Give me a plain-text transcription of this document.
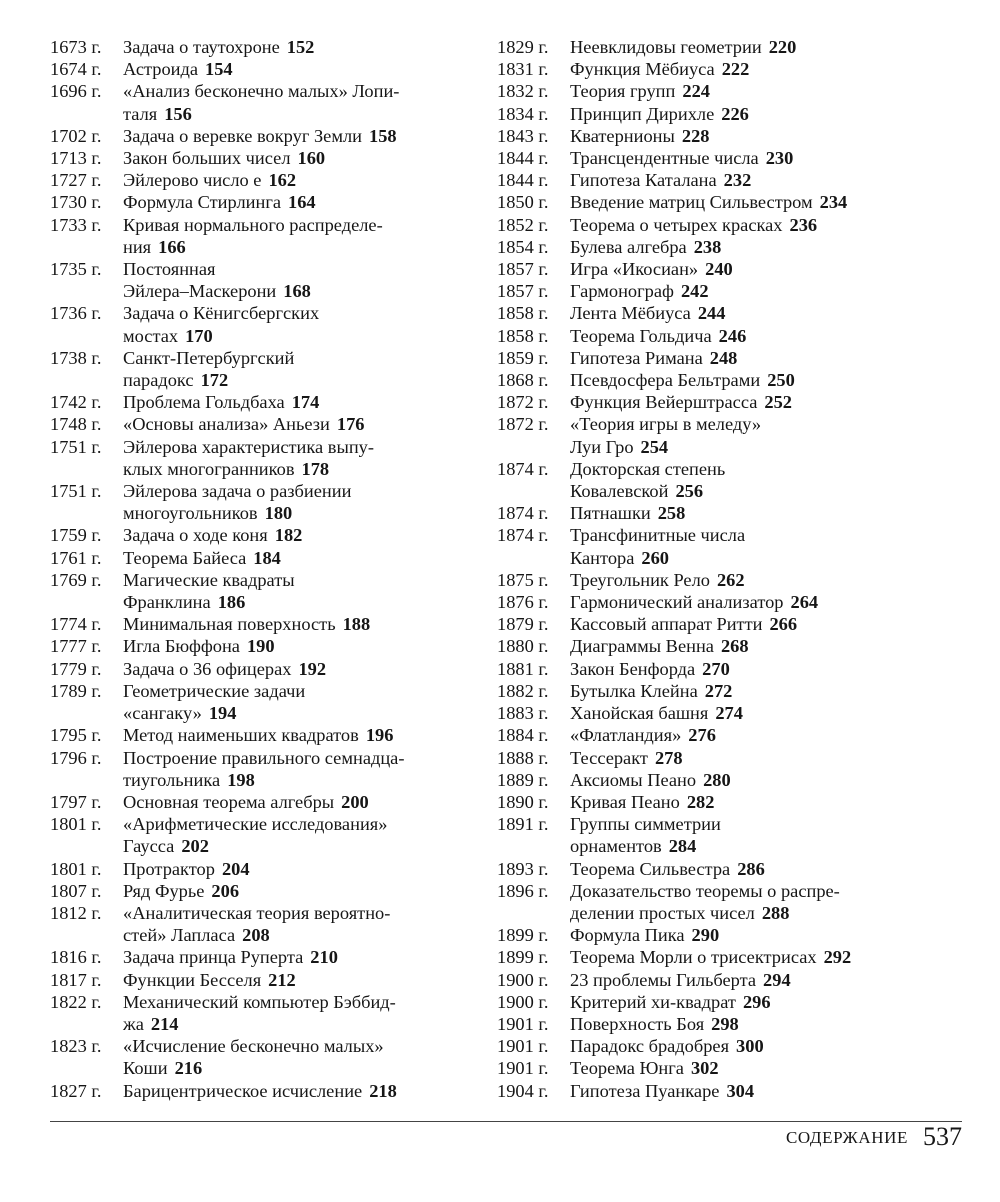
1673 г.	Задача о таутохроне 152
1674 г.	Астроида 154
1696 г.	«Анализ бесконечно малых» Лопи-
таля 156
1702 г.	Задача о веревке вокруг Земли 158
1713 г.	Закон больших чисел 160
1727 г.	Эйлерово число е 162
1730 г.	Формула Стирлинга 164
1733 г.	Кривая нормального распределе-
ния 166
1735 г.	Постоянная
Эйлера–Маскерони 168
1736 г.	Задача о Кёнигсбергских
мостах 170
1738 г.	Санкт-Петербургский
парадокс 172
1742 г.	Проблема Гольдбаха 174
1748 г.	«Основы анализа» Аньези 176
1751 г.	Эйлерова характеристика выпу-
клых многогранников 178
1751 г.	Эйлерова задача о разбиении
многоугольников 180
1759 г.	Задача о ходе коня 182
1761 г.	Теорема Байеса 184
1769 г.	Магические квадраты
Франклина 186
1774 г.	Минимальная поверхность 188
1777 г.	Игла Бюффона 190
1779 г.	Задача о 36 офицерах 192
1789 г.	Геометрические задачи
«сангаку» 194
1795 г.	Метод наименьших квадратов 196
1796 г.	Построение правильного семнадца-
тиугольника 198
1797 г.	Основная теорема алгебры 200
1801 г.	«Арифметические исследования»
Гаусса 202
1801 г.	Протрактор 204
1807 г.	Ряд Фурье 206
1812 г.	«Аналитическая теория вероятно-
стей» Лапласа 208
1816 г.	Задача принца Руперта 210
1817 г.	Функции Бесселя 212
1822 г.	Механический компьютер Бэббид-
жа 214
1823 г.	«Исчисление бесконечно малых»
Коши 216
1827 г.	Барицентрическое исчисление 218
1829 г.	Неевклидовы геометрии 220
1831 г.	Функция Мёбиуса 222
1832 г.	Теория групп 224
1834 г.	Принцип Дирихле 226
1843 г.	Кватернионы 228
1844 г.	Трансцендентные числа 230
1844 г.	Гипотеза Каталана 232
1850 г.	Введение матриц Сильвестром 234
1852 г.	Теорема о четырех красках 236
1854 г.	Булева алгебра 238
1857 г.	Игра «Икосиан» 240
1857 г.	Гармонограф 242
1858 г.	Лента Мёбиуса 244
1858 г.	Теорема Гольдича 246
1859 г.	Гипотеза Римана 248
1868 г.	Псевдосфера Бельтрами 250
1872 г.	Функция Вейерштрасса 252
1872 г.	«Теория игры в меледу»
Луи Гро 254
1874 г.	Докторская степень
Ковалевской 256
1874 г.	Пятнашки 258
1874 г.	Трансфинитные числа
Кантора 260
1875 г.	Треугольник Рело 262
1876 г.	Гармонический анализатор 264
1879 г.	Кассовый аппарат Ритти 266
1880 г.	Диаграммы Венна 268
1881 г.	Закон Бенфорда 270
1882 г.	Бутылка Клейна 272
1883 г.	Ханойская башня 274
1884 г.	«Флатландия» 276
1888 г.	Тессеракт 278
1889 г.	Аксиомы Пеано 280
1890 г.	Кривая Пеано 282
1891 г.	Группы симметрии
орнаментов 284
1893 г.	Теорема Сильвестра 286
1896 г.	Доказательство теоремы о распре-
делении простых чисел 288
1899 г.	Формула Пика 290
1899 г.	Теорема Морли о трисектрисах 292
1900 г.	23 проблемы Гильберта 294
1900 г.	Критерий хи-квадрат 296
1901 г.	Поверхность Боя 298
1901 г.	Парадокс брадобрея 300
1901 г.	Теорема Юнга 302
1904 г.	Гипотеза Пуанкаре 304
СОДЕРЖАНИЕ 537
